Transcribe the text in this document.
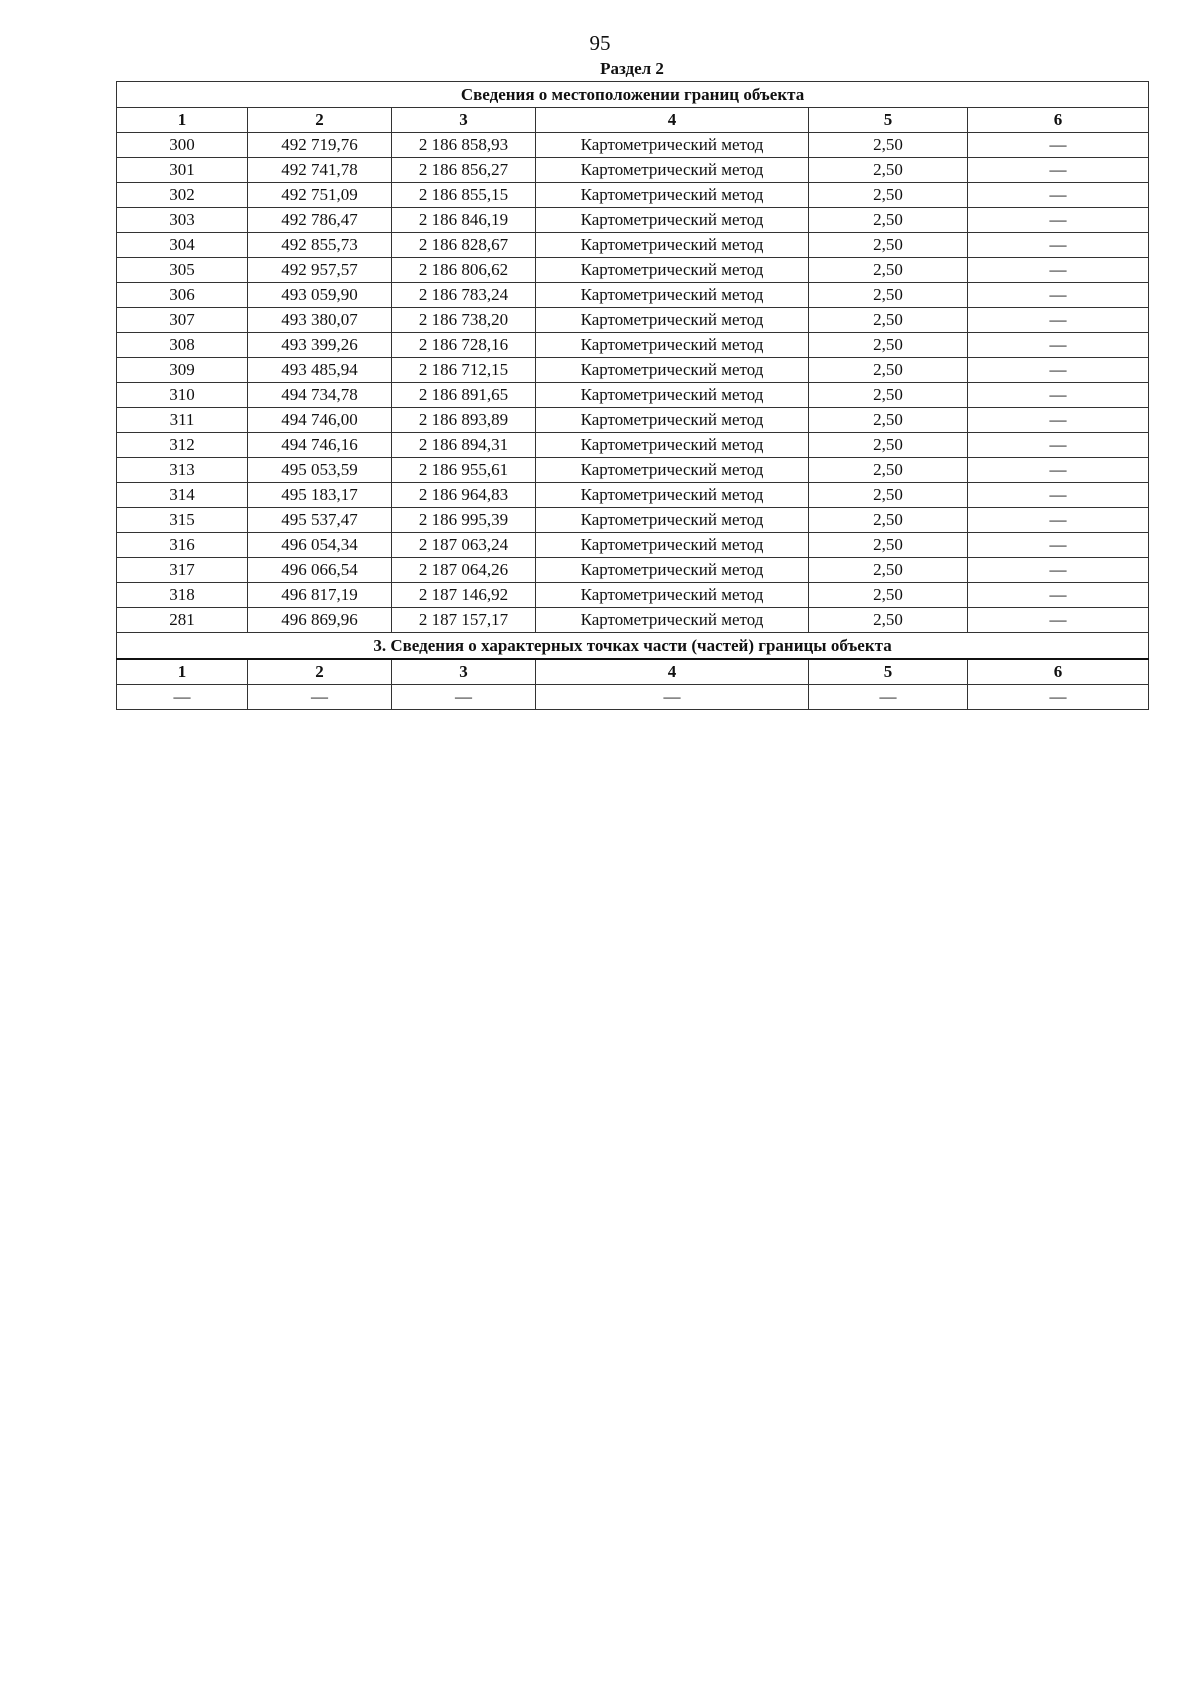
95
Раздел 2
Сведения о местоположении границ объекта					
1	2	3	4	5	6
300	492 719,76	2 186 858,93	Картометрический метод	2,50	—
301	492 741,78	2 186 856,27	Картометрический метод	2,50	—
302	492 751,09	2 186 855,15	Картометрический метод	2,50	—
303	492 786,47	2 186 846,19	Картометрический метод	2,50	—
304	492 855,73	2 186 828,67	Картометрический метод	2,50	—
305	492 957,57	2 186 806,62	Картометрический метод	2,50	—
306	493 059,90	2 186 783,24	Картометрический метод	2,50	—
307	493 380,07	2 186 738,20	Картометрический метод	2,50	—
308	493 399,26	2 186 728,16	Картометрический метод	2,50	—
309	493 485,94	2 186 712,15	Картометрический метод	2,50	—
310	494 734,78	2 186 891,65	Картометрический метод	2,50	—
311	494 746,00	2 186 893,89	Картометрический метод	2,50	—
312	494 746,16	2 186 894,31	Картометрический метод	2,50	—
313	495 053,59	2 186 955,61	Картометрический метод	2,50	—
314	495 183,17	2 186 964,83	Картометрический метод	2,50	—
315	495 537,47	2 186 995,39	Картометрический метод	2,50	—
316	496 054,34	2 187 063,24	Картометрический метод	2,50	—
317	496 066,54	2 187 064,26	Картометрический метод	2,50	—
318	496 817,19	2 187 146,92	Картометрический метод	2,50	—
281	496 869,96	2 187 157,17	Картометрический метод	2,50	—
3. Сведения о характерных точках части (частей) границы объекта					
1	2	3	4	5	6
—	—	—	—	—	—
